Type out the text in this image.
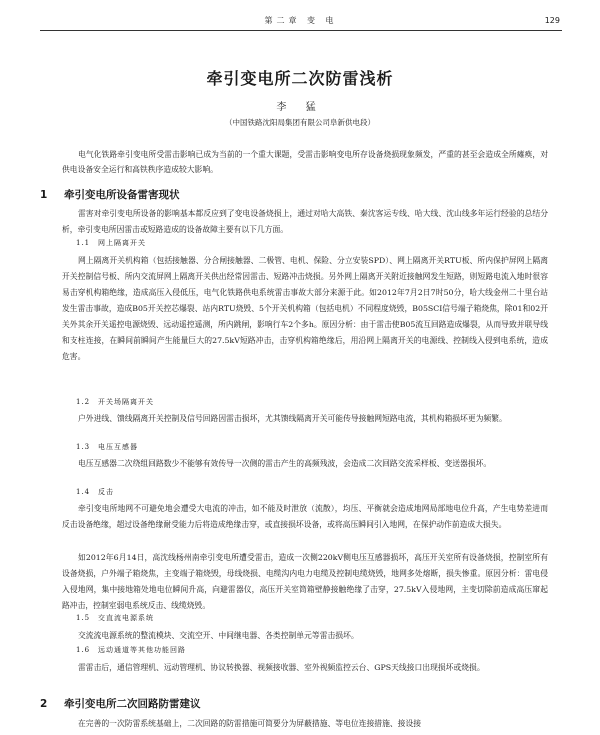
第二章 变 电	129
牵引变电所二次防雷浅析
李 猛
（中国铁路沈阳局集团有限公司阜新供电段）

电气化铁路牵引变电所受雷击影响已成为当前的一个重大课题，受雷击影响变电所存设备烧损现象频发，严重的甚至会造成全所瘫痪，对供电设备安全运行和高铁秩序造成较大影响。

1 牵引变电所设备雷害现状

雷害对牵引变电所设备的影响基本都反应到了变电设备烧损上，通过对哈大高铁、秦沈客运专线、哈大线、沈山线多年运行经验的总结分析，牵引变电所因雷击或短路造成的设备故障主要有以下几方面。

1.1 网上隔离开关

网上隔离开关机构箱（包括接触器、分合闸接触器、二极管、电机、保险、分立安装SPD）、网上隔离开关RTU板、所内保护屏网上隔离开关控制信号板、所内交流屏网上隔离开关供出经常因雷击、短路冲击烧损。另外网上隔离开关附近接触网发生短路，则短路电流入地时很容易击穿机构箱绝缘，造成高压入侵低压，电气化铁路供电系统雷击事故大部分来源于此。如2012年7月2日7时50分，哈大线金州二十里台站发生雷击事故，造成B05开关控芯爆裂、站内RTU烧毁、5个开关机构箱（包括电机）不同程度烧毁，B05SCI信号端子箱烧焦，除01和02开关外其余开关遥控电源烧毁、远动遥控遥测，所内跳闸，影响行车2个多h。原因分析：由于雷击使B05流互回路造成爆裂，从而导致并联导线和支柱连接，在瞬间前瞬间产生能量巨大的27.5kV短路冲击，击穿机构箱绝缘后，用沿网上隔离开关的电源线、控制线入侵到电系统，造成危害。

1.2 开关场隔离开关

户外进线、馈线隔离开关控制及信号回路因雷击损坏，尤其馈线隔离开关可能传导接触网短路电流，其机构箱损坏更为频繁。

1.3 电压互感器

电压互感器二次绕组回路数少不能够有效传导一次侧的雷击产生的高频残波，会造成二次回路交流采样板、变送器损坏。

1.4 反击

牵引变电所地网不可避免地会遭受大电流的冲击，如不能及时泄放（流散），均压、平衡就会造成地网局部地电位升高，产生电势差进而反击设备绝缘，超过设备绝缘耐受能力后将造成绝缘击穿，或直接损坏设备，或将高压瞬间引入地网，在保护动作前造成大损失。

如2012年6月14日，高沈线杨州南牵引变电所遭受雷击，造成一次侧220kV侧电压互感器损坏，高压开关室所有设备烧损，控制室所有设备烧损，户外端子箱烧焦，主变端子箱烧毁，母线烧损、电缆沟内电力电缆及控制电缆烧毁，地网多处熔断，损失惨重。原因分析：雷电侵入侵地网，集中接地箱处地电位瞬间升高，向避雷器仪，高压开关室筒箱壁静接触绝缘了击穿，27.5kV入侵地网，主变切除前造成高压窜起路冲击，控制室弱电系统反击、线缆烧毁。

1.5 交直流电源系统

交流流电源系统的整流模块、交流空开、中间继电器、各类控制单元等雷击损坏。

1.6 远动通道等其他功能回路

雷雷击后，通信管理机、远动管理机、协议转换器、视频接收器、室外视频监控云台、GPS天线接口出现损坏或烧损。

2 牵引变电所二次回路防雷建议

在完善的一次防雷系统基础上，二次回路的防雷措施可简要分为屏蔽措施、等电位连接措施、接设接
